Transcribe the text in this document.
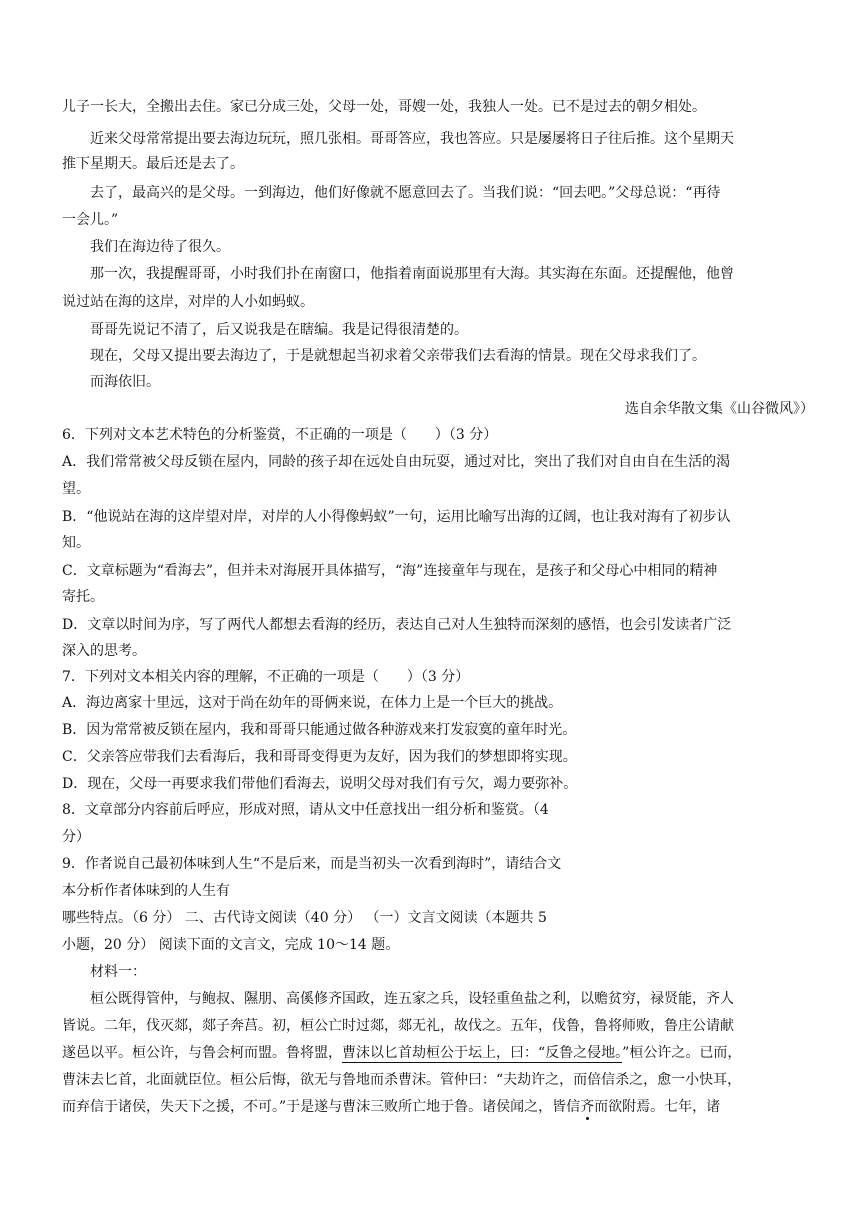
儿子一长大，全搬出去住。家已分成三处，父母一处，哥嫂一处，我独人一处。已不是过去的朝夕相处。
近来父母常常提出要去海边玩玩，照几张相。哥哥答应，我也答应。只是屡屡将日子往后推。这个星期天
推下星期天。最后还是去了。
去了，最高兴的是父母。一到海边，他们好像就不愿意回去了。当我们说：“回去吧。”父母总说：“再待
一会儿。”
我们在海边待了很久。
那一次，我提醒哥哥，小时我们扑在南窗口，他指着南面说那里有大海。其实海在东面。还提醒他，他曾
说过站在海的这岸，对岸的人小如蚂蚁。
哥哥先说记不清了，后又说我是在瞎编。我是记得很清楚的。
现在，父母又提出要去海边了，于是就想起当初求着父亲带我们去看海的情景。现在父母求我们了。
而海依旧。
选自余华散文集《山谷微风》）
6．下列对文本艺术特色的分析鉴赏，不正确的一项是（　　）（3 分）
A．我们常常被父母反锁在屋内，同龄的孩子却在远处自由玩耍，通过对比，突出了我们对自由自在生活的渴
望。
B．“他说站在海的这岸望对岸，对岸的人小得像蚂蚁”一句，运用比喻写出海的辽阔，也让我对海有了初步认
知。
C．文章标题为“看海去”，但并未对海展开具体描写，“海”连接童年与现在，是孩子和父母心中相同的精神
寄托。
D．文章以时间为序，写了两代人都想去看海的经历，表达自己对人生独特而深刻的感悟，也会引发读者广泛
深入的思考。
7．下列对文本相关内容的理解，不正确的一项是（　　）（3 分）
A．海边离家十里远，这对于尚在幼年的哥俩来说，在体力上是一个巨大的挑战。
B．因为常常被反锁在屋内，我和哥哥只能通过做各种游戏来打发寂寞的童年时光。
C．父亲答应带我们去看海后，我和哥哥变得更为友好，因为我们的梦想即将实现。
D．现在，父母一再要求我们带他们看海去，说明父母对我们有亏欠，竭力要弥补。
8．文章部分内容前后呼应，形成对照，请从文中任意找出一组分析和鉴赏。（4
分）
9．作者说自己最初体味到人生“不是后来，而是当初头一次看到海时”，请结合文
本分析作者体味到的人生有
哪些特点。（6 分） 二、古代诗文阅读（40 分） （一）文言文阅读（本题共 5
小题，20 分） 阅读下面的文言文，完成 10～14 题。
材料一：
桓公既得管仲，与鲍叔、隰朋、高傒修齐国政，连五家之兵，设轻重鱼盐之利，以赡贫穷，禄贤能，齐人
皆说。二年，伐灭郯，郯子奔莒。初，桓公亡时过郯，郯无礼，故伐之。五年，伐鲁，鲁将师败，鲁庄公请献
遂邑以平。桓公许，与鲁会柯而盟。鲁将盟，曹沫以匕首劫桓公于坛上，曰：“反鲁之侵地。”桓公许之。已而，
曹沫去匕首，北面就臣位。桓公后悔，欲无与鲁地而杀曹沫。管仲曰：“夫劫许之，而倍信杀之，愈一小快耳，
而弃信于诸侯，失天下之援，不可。”于是遂与曹沫三败所亡地于鲁。诸侯闻之，皆信齐而欲附焉。七年，诸
